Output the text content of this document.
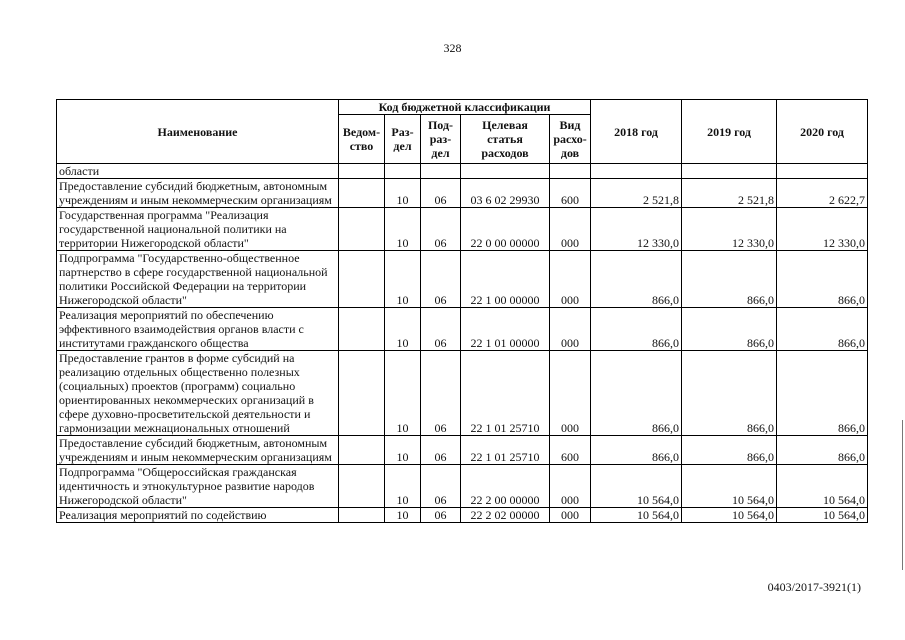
328
Наименование	Код бюджетной классификации					2018 год	2019 год	2020 год
	Ведом-ство	Раз-дел	Под-раз-дел	Целевая статья расходов	Вид расхо-дов			
области								
Предоставление субсидий бюджетным, автономным учреждениям и иным некоммерческим организациям		10	06	03 6 02 29930	600	2 521,8	2 521,8	2 622,7
Государственная программа "Реализация государственной национальной политики на территории Нижегородской области"		10	06	22 0 00 00000	000	12 330,0	12 330,0	12 330,0
Подпрограмма "Государственно-общественное партнерство в сфере государственной национальной политики Российской Федерации на территории Нижегородской области"		10	06	22 1 00 00000	000	866,0	866,0	866,0
Реализация мероприятий по обеспечению эффективного взаимодействия органов власти с институтами гражданского общества		10	06	22 1 01 00000	000	866,0	866,0	866,0
Предоставление грантов в форме субсидий на реализацию отдельных общественно полезных (социальных) проектов (программ) социально ориентированных некоммерческих организаций в сфере духовно-просветительской деятельности и гармонизации межнациональных отношений		10	06	22 1 01 25710	000	866,0	866,0	866,0
Предоставление субсидий бюджетным, автономным учреждениям и иным некоммерческим организациям		10	06	22 1 01 25710	600	866,0	866,0	866,0
Подпрограмма "Общероссийская гражданская идентичность и этнокультурное развитие народов Нижегородской области"		10	06	22 2 00 00000	000	10 564,0	10 564,0	10 564,0
Реализация мероприятий по содействию		10	06	22 2 02 00000	000	10 564,0	10 564,0	10 564,0
0403/2017-3921(1)
